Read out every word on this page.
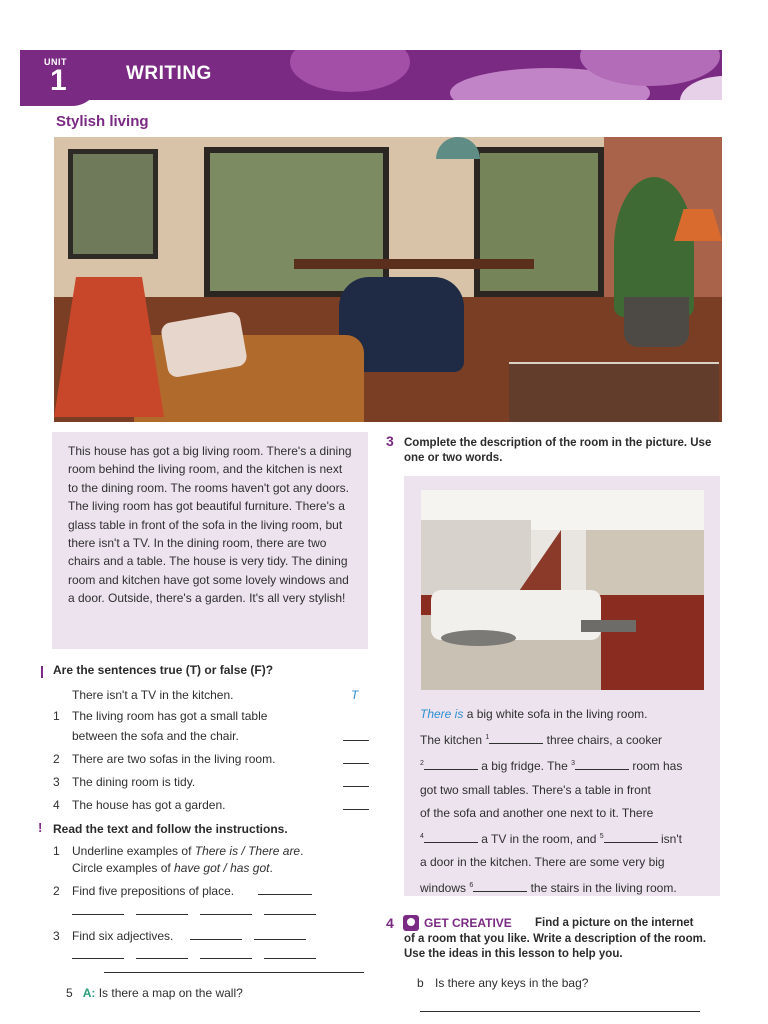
UNIT
1	WRITING
Stylish living

This house has got a big living room. There's a dining room behind the living room, and the kitchen is next to the dining room. The rooms haven't got any doors. The living room has got beautiful furniture. There's a glass table in front of the sofa in the living room, but there isn't a TV. In the dining room, there are two chairs and a table. The house is very tidy. The dining room and kitchen have got some lovely windows and a door. Outside, there's a garden. It's all very stylish!

3 Complete the description of the room in the picture. Use one or two words.
There is a big white sofa in the living room.
The kitchen $^1$	three chairs, a cooker
$^2$	a big fridge. The $^3$	room has
got two small tables. There's a table in front
of the sofa and another one next to it. There
$^4$	a TV in the room, and $^5$	isn't
a door in the kitchen. There are some very big
windows $^6$	the stairs in the living room.
Are the sentences true (T) or false (F)?
There isn't a TV in the kitchen.	T
1 The living room has got a small table
between the sofa and the chair.
2 There are two sofas in the living room.
3 The dining room is tidy.
4 The house has got a garden.
! Read the text and follow the instructions.
1 Underline examples of There is / There are.
Circle examples of have got / has got.
2 Find five prepositions of place.
3 Find six adjectives.
4	GET CREATIVE Find a picture on the internet
of a room that you like. Write a description of the room. Use the ideas in this lesson to help you.
5 A: Is there a map on the wall?
b Is there any keys in the bag?
